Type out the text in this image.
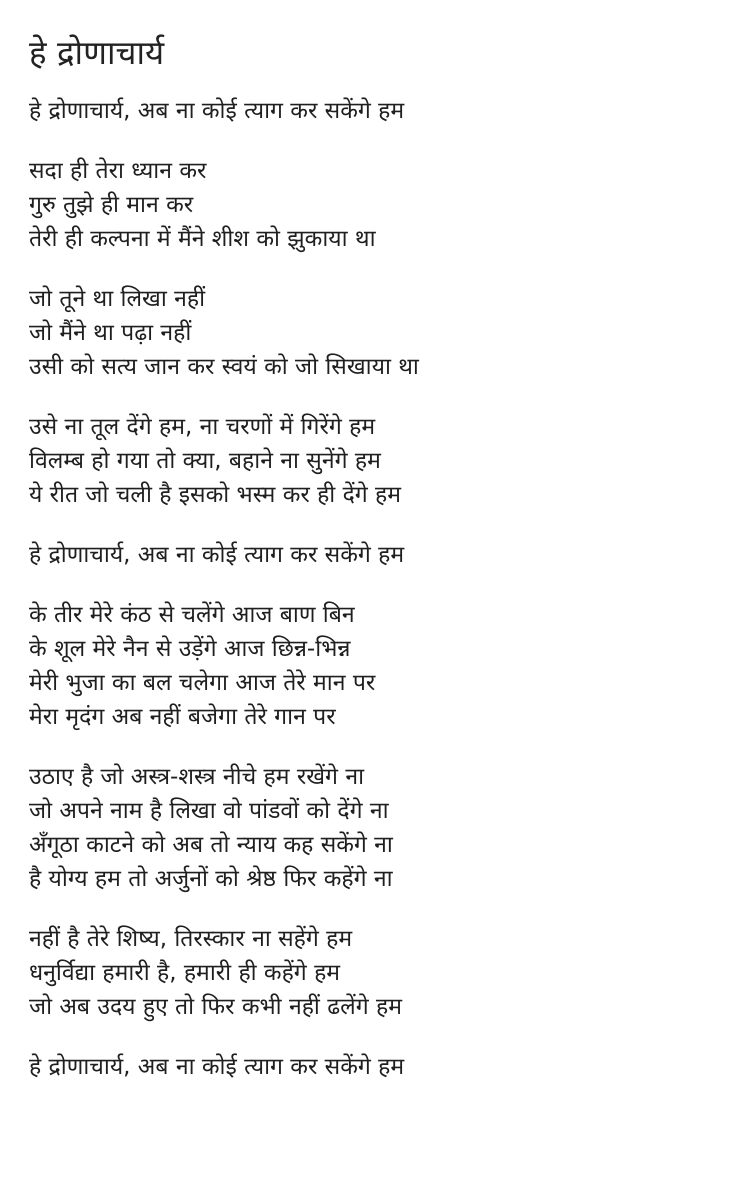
हे द्रोणाचार्य
हे द्रोणाचार्य, अब ना कोई त्याग कर सकेंगे हम
सदा ही तेरा ध्यान कर
गुरु तुझे ही मान कर
तेरी ही कल्पना में मैंने शीश को झुकाया था
जो तूने था लिखा नहीं
जो मैंने था पढ़ा नहीं
उसी को सत्य जान कर स्वयं को जो सिखाया था
उसे ना तूल देंगे हम, ना चरणों में गिरेंगे हम
विलम्ब हो गया तो क्या, बहाने ना सुनेंगे हम
ये रीत जो चली है इसको भस्म कर ही देंगे हम
हे द्रोणाचार्य, अब ना कोई त्याग कर सकेंगे हम
के तीर मेरे कंठ से चलेंगे आज बाण बिन
के शूल मेरे नैन से उड़ेंगे आज छिन्न-भिन्न
मेरी भुजा का बल चलेगा आज तेरे मान पर
मेरा मृदंग अब नहीं बजेगा तेरे गान पर
उठाए है जो अस्त्र-शस्त्र नीचे हम रखेंगे ना
जो अपने नाम है लिखा वो पांडवों को देंगे ना
अँगूठा काटने को अब तो न्याय कह सकेंगे ना
है योग्य हम तो अर्जुनों को श्रेष्ठ फिर कहेंगे ना
नहीं है तेरे शिष्य, तिरस्कार ना सहेंगे हम
धनुर्विद्या हमारी है, हमारी ही कहेंगे हम
जो अब उदय हुए तो फिर कभी नहीं ढलेंगे हम
हे द्रोणाचार्य, अब ना कोई त्याग कर सकेंगे हम
